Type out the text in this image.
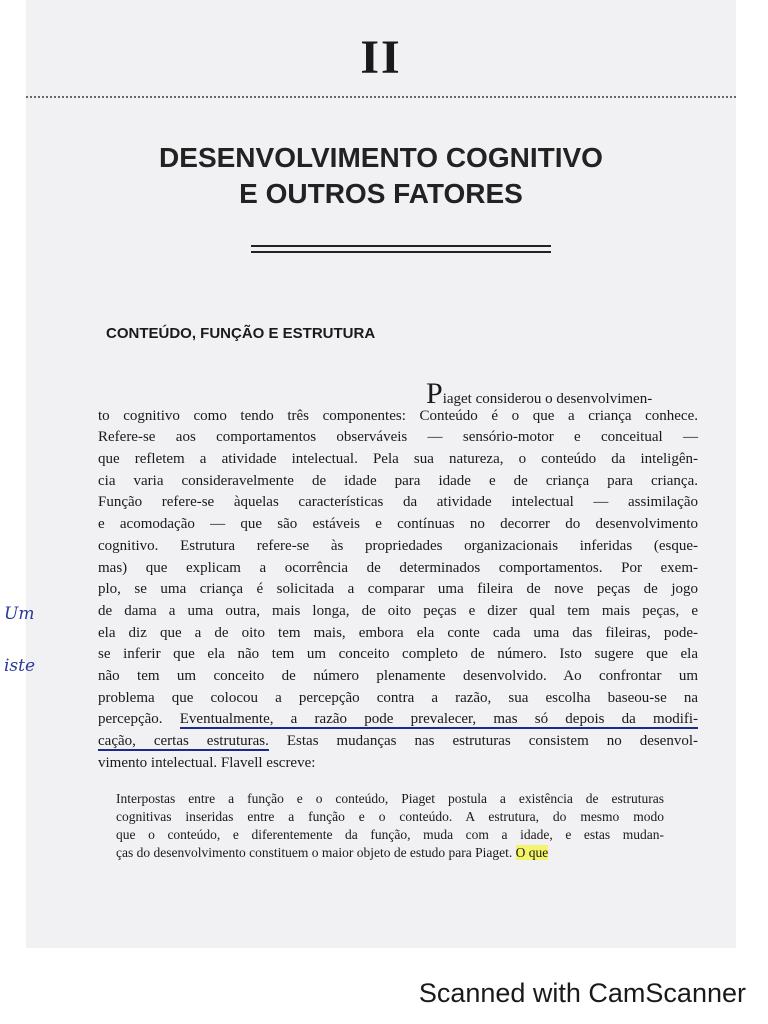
II
DESENVOLVIMENTO COGNITIVO
E OUTROS FATORES
CONTEÚDO, FUNÇÃO E ESTRUTURA
Piaget considerou o desenvolvimen-
to cognitivo como tendo três componentes: Conteúdo é o que a criança conhece.
Refere-se aos comportamentos observáveis — sensório-motor e conceitual —
que refletem a atividade intelectual. Pela sua natureza, o conteúdo da inteligên-
cia varia consideravelmente de idade para idade e de criança para criança.
Função refere-se àquelas características da atividade intelectual — assimilação
e acomodação — que são estáveis e contínuas no decorrer do desenvolvimento
cognitivo. Estrutura refere-se às propriedades organizacionais inferidas (esque-
mas) que explicam a ocorrência de determinados comportamentos. Por exem-
plo, se uma criança é solicitada a comparar uma fileira de nove peças de jogo
de dama a uma outra, mais longa, de oito peças e dizer qual tem mais peças, e
ela diz que a de oito tem mais, embora ela conte cada uma das fileiras, pode-
se inferir que ela não tem um conceito completo de número. Isto sugere que ela
não tem um conceito de número plenamente desenvolvido. Ao confrontar um
problema que colocou a percepção contra a razão, sua escolha baseou-se na
percepção. Eventualmente, a razão pode prevalecer, mas só depois da modifi-
cação, certas estruturas. Estas mudanças nas estruturas consistem no desenvol-
vimento intelectual. Flavell escreve:
Interpostas entre a função e o conteúdo, Piaget postula a existência de estruturas
cognitivas inseridas entre a função e o conteúdo. A estrutura, do mesmo modo
que o conteúdo, e diferentemente da função, muda com a idade, e estas mudan-
ças do desenvolvimento constituem o maior objeto de estudo para Piaget. O que
Um
iste
Scanned with CamScanner
